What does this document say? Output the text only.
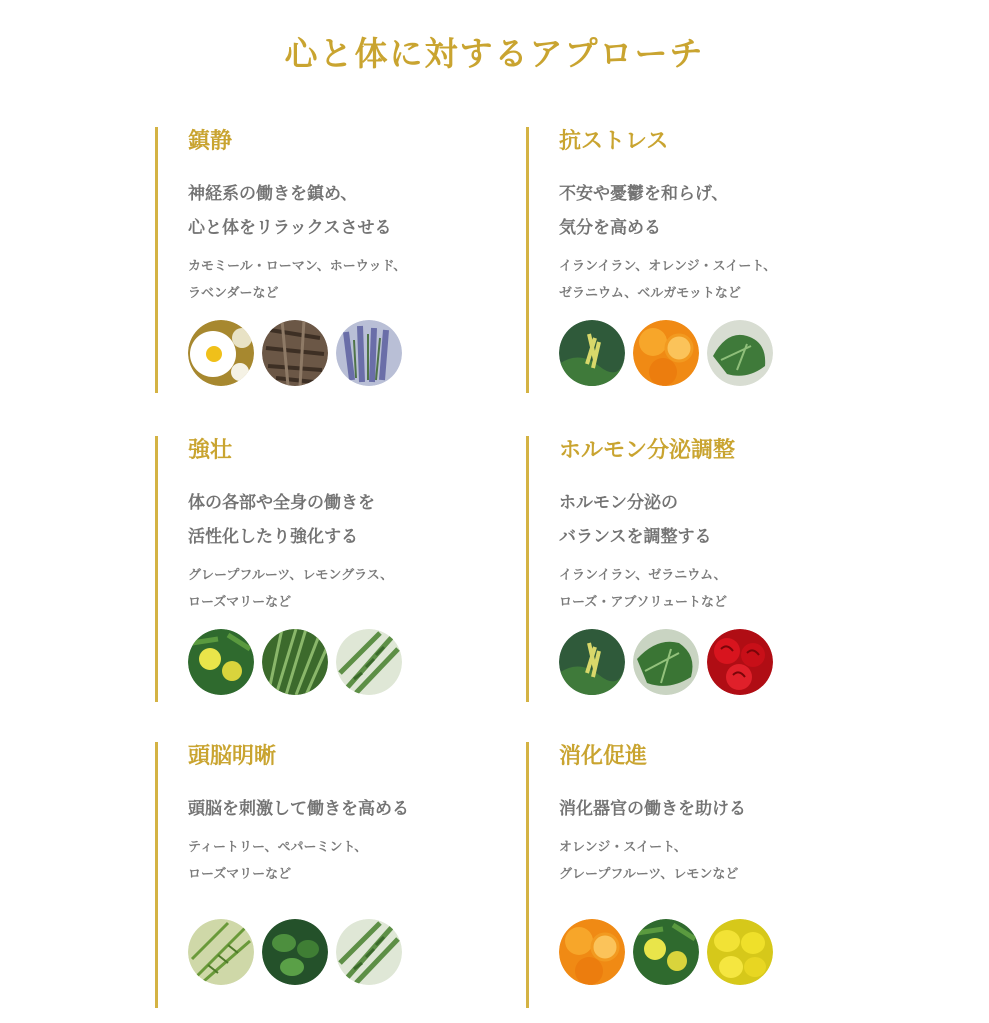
心と体に対するアプローチ
鎮静
神経系の働きを鎮め、
心と体をリラックスさせる
カモミール・ローマン、ホーウッド、
ラベンダーなど
抗ストレス
不安や憂鬱を和らげ、
気分を高める
イランイラン、オレンジ・スイート、
ゼラニウム、ベルガモットなど
強壮
体の各部や全身の働きを
活性化したり強化する
グレープフルーツ、レモングラス、
ローズマリーなど
ホルモン分泌調整
ホルモン分泌の
バランスを調整する
イランイラン、ゼラニウム、
ローズ・アブソリュートなど
頭脳明晰
頭脳を刺激して働きを高める
ティートリー、ペパーミント、
ローズマリーなど
消化促進
消化器官の働きを助ける
オレンジ・スイート、
グレープフルーツ、レモンなど
